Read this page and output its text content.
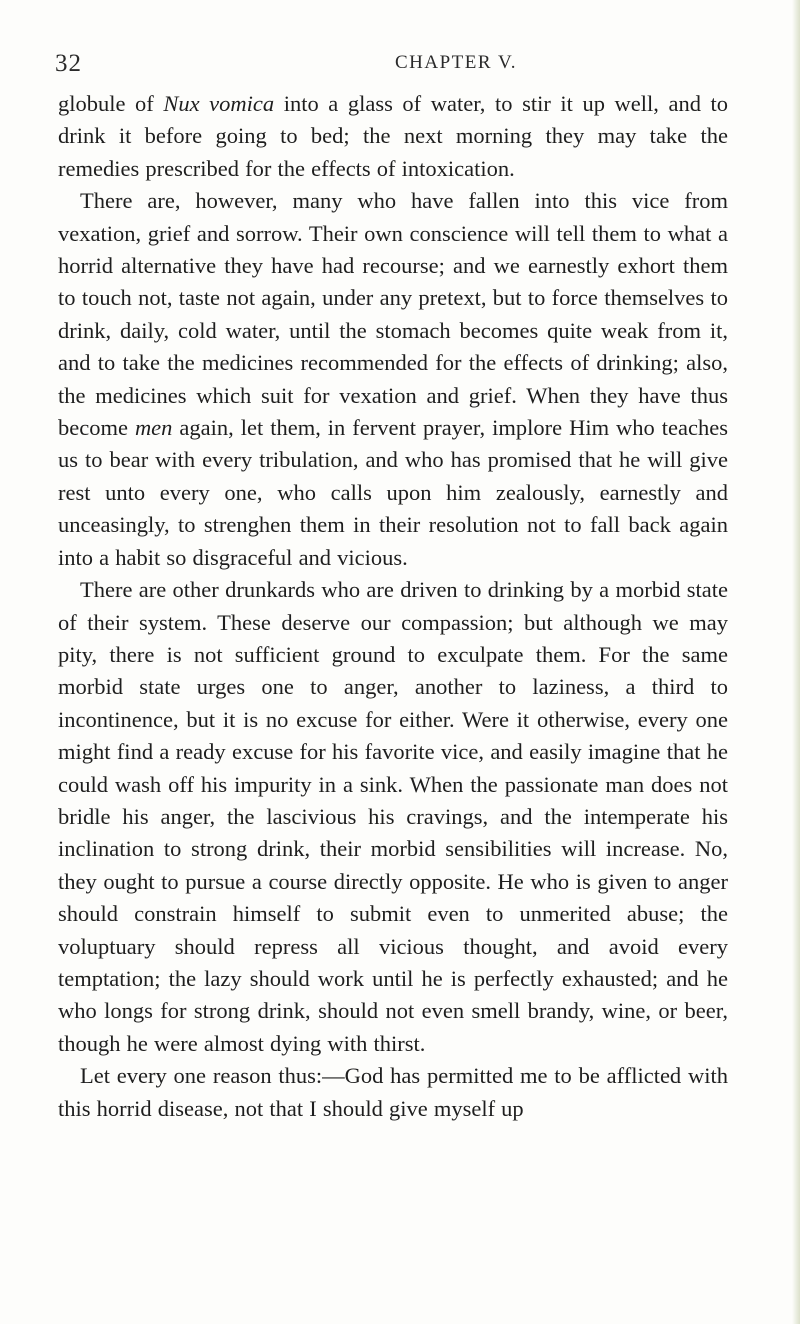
32	CHAPTER V.

globule of Nux vomica into a glass of water, to stir it up well, and to drink it before going to bed; the next morning they may take the remedies prescribed for the effects of intoxication.

There are, however, many who have fallen into this vice from vexation, grief and sorrow. Their own conscience will tell them to what a horrid alternative they have had recourse; and we earnestly exhort them to touch not, taste not again, under any pretext, but to force themselves to drink, daily, cold water, until the stomach becomes quite weak from it, and to take the medicines recommended for the effects of drinking; also, the medicines which suit for vexation and grief. When they have thus become men again, let them, in fervent prayer, implore Him who teaches us to bear with every tribulation, and who has promised that he will give rest unto every one, who calls upon him zealously, earnestly and unceasingly, to strenghen them in their resolution not to fall back again into a habit so disgraceful and vicious.

There are other drunkards who are driven to drinking by a morbid state of their system. These deserve our compassion; but although we may pity, there is not sufficient ground to exculpate them. For the same morbid state urges one to anger, another to laziness, a third to incontinence, but it is no excuse for either. Were it otherwise, every one might find a ready excuse for his favorite vice, and easily imagine that he could wash off his impurity in a sink. When the passionate man does not bridle his anger, the lascivious his cravings, and the intemperate his inclination to strong drink, their morbid sensibilities will increase. No, they ought to pursue a course directly opposite. He who is given to anger should constrain himself to submit even to unmerited abuse; the voluptuary should repress all vicious thought, and avoid every temptation; the lazy should work until he is perfectly exhausted; and he who longs for strong drink, should not even smell brandy, wine, or beer, though he were almost dying with thirst.

Let every one reason thus:—God has permitted me to be afflicted with this horrid disease, not that I should give myself up
